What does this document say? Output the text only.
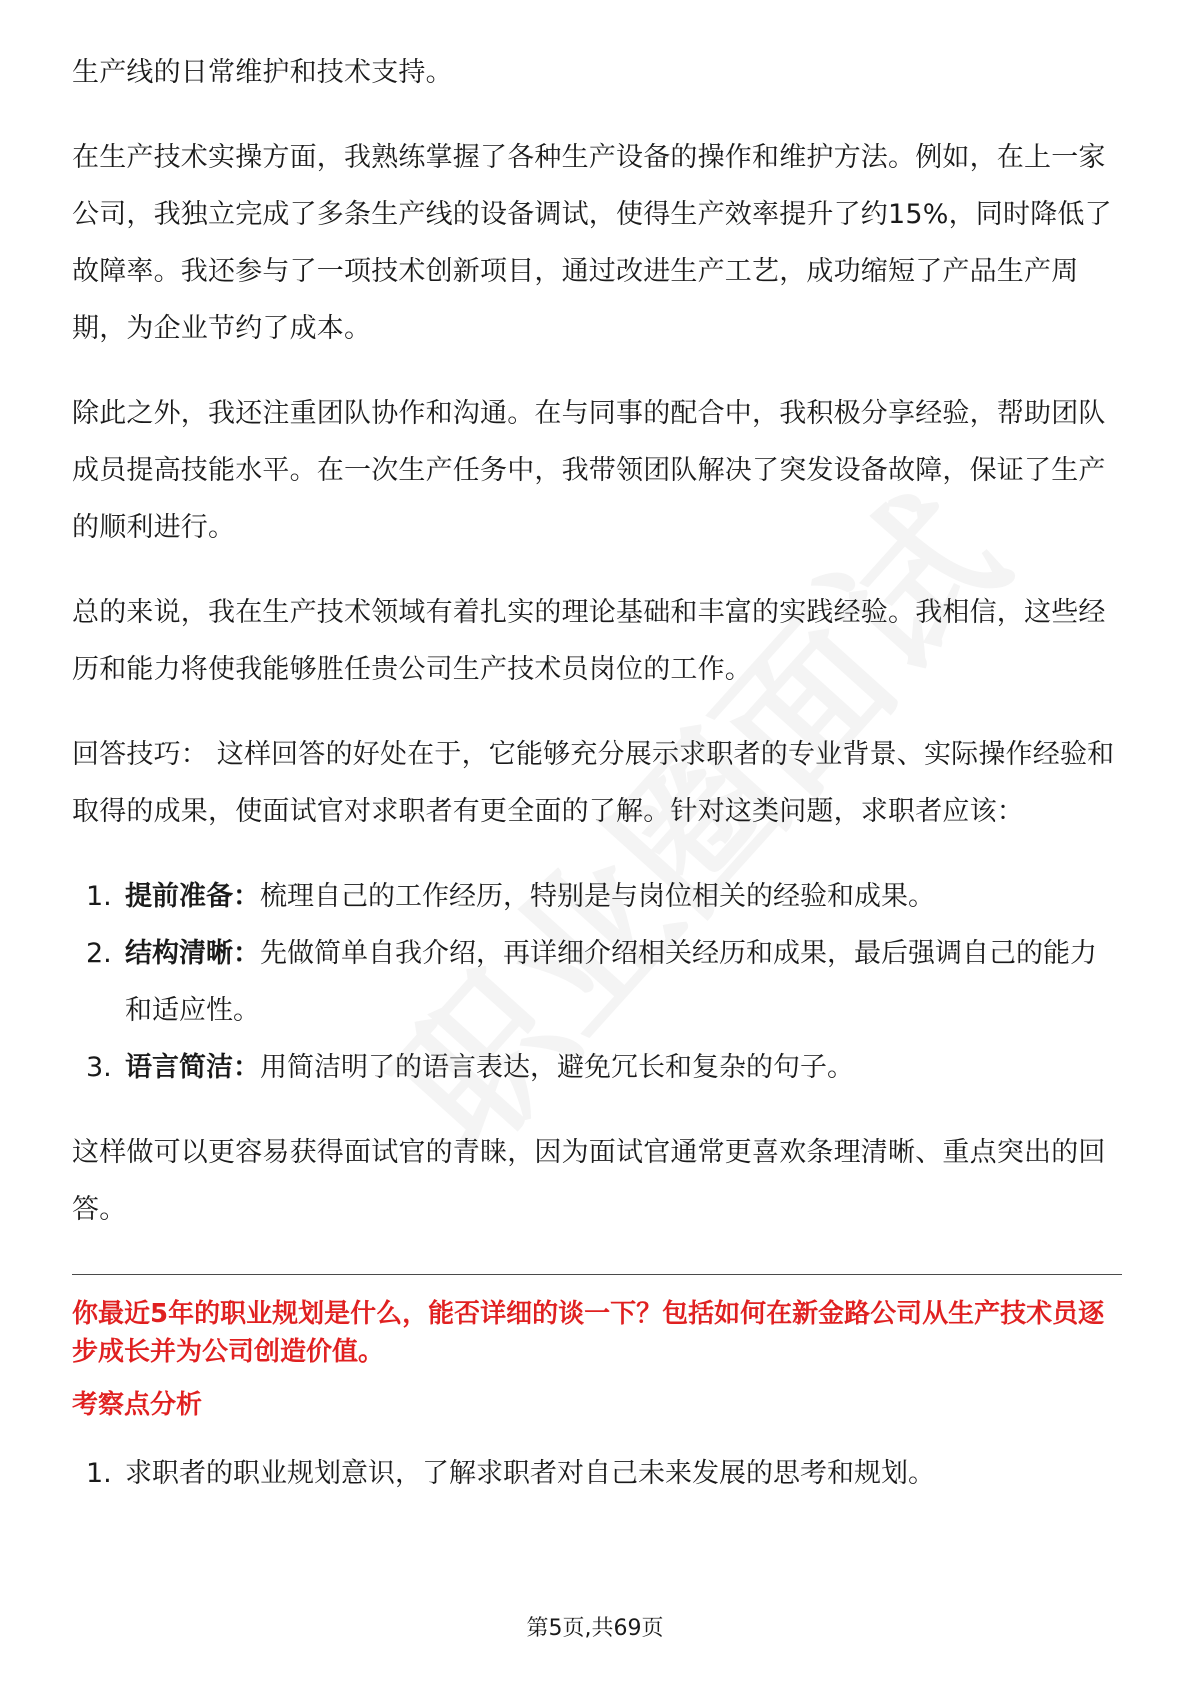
生产线的日常维护和技术支持。

在生产技术实操方面，我熟练掌握了各种生产设备的操作和维护方法。例如，在上一家公司，我独立完成了多条生产线的设备调试，使得生产效率提升了约15%，同时降低了故障率。我还参与了一项技术创新项目，通过改进生产工艺，成功缩短了产品生产周期，为企业节约了成本。

除此之外，我还注重团队协作和沟通。在与同事的配合中，我积极分享经验，帮助团队成员提高技能水平。在一次生产任务中，我带领团队解决了突发设备故障，保证了生产的顺利进行。

总的来说，我在生产技术领域有着扎实的理论基础和丰富的实践经验。我相信，这些经历和能力将使我能够胜任贵公司生产技术员岗位的工作。

回答技巧： 这样回答的好处在于，它能够充分展示求职者的专业背景、实际操作经验和取得的成果，使面试官对求职者有更全面的了解。针对这类问题，求职者应该：

1. 提前准备：梳理自己的工作经历，特别是与岗位相关的经验和成果。
2. 结构清晰：先做简单自我介绍，再详细介绍相关经历和成果，最后强调自己的能力和适应性。
3. 语言简洁：用简洁明了的语言表达，避免冗长和复杂的句子。

这样做可以更容易获得面试官的青睐，因为面试官通常更喜欢条理清晰、重点突出的回答。

你最近5年的职业规划是什么，能否详细的谈一下？包括如何在新金路公司从生产技术员逐步成长并为公司创造价值。
考察点分析
1. 求职者的职业规划意识，了解求职者对自己未来发展的思考和规划。
第5页,共69页
